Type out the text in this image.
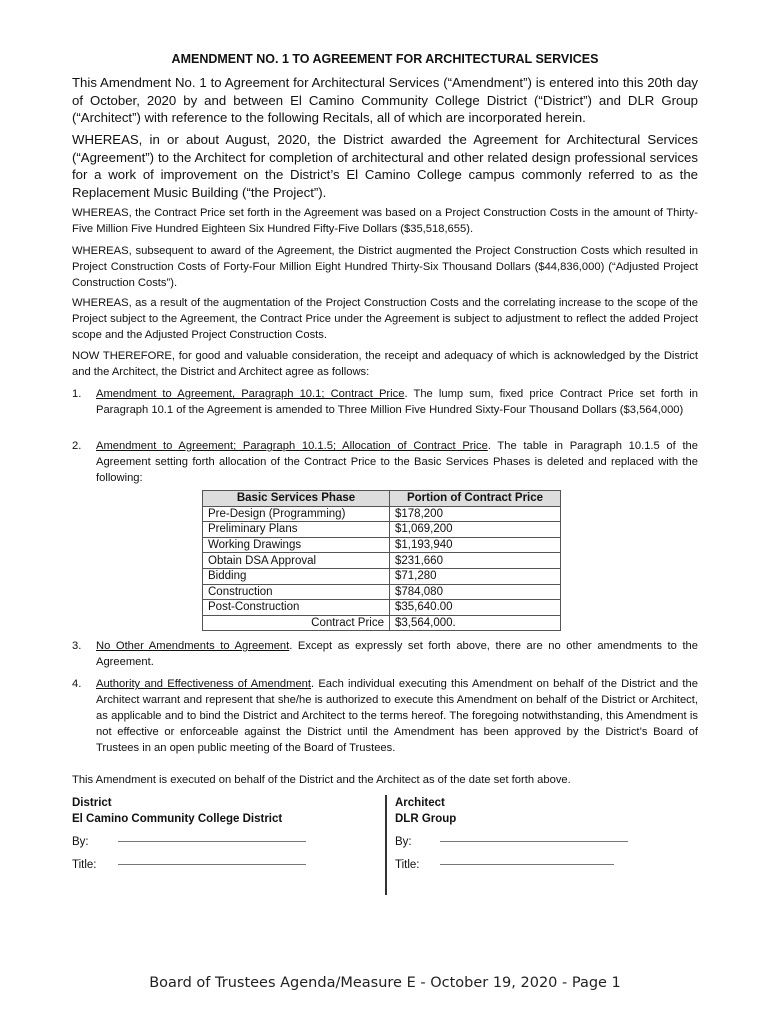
AMENDMENT NO. 1 TO AGREEMENT FOR ARCHITECTURAL SERVICES
This Amendment No. 1 to Agreement for Architectural Services (“Amendment”) is entered into this 20th day of October, 2020 by and between El Camino Community College District (“District”) and DLR Group (“Architect”) with reference to the following Recitals, all of which are incorporated herein.
WHEREAS, in or about August, 2020, the District awarded the Agreement for Architectural Services (“Agreement”) to the Architect for completion of architectural and other related design professional services for a work of improvement on the District’s El Camino College campus commonly referred to as the Replacement Music Building (“the Project”).
WHEREAS, the Contract Price set forth in the Agreement was based on a Project Construction Costs in the amount of Thirty-Five Million Five Hundred Eighteen Six Hundred Fifty-Five Dollars ($35,518,655).
WHEREAS, subsequent to award of the Agreement, the District augmented the Project Construction Costs which resulted in Project Construction Costs of Forty-Four Million Eight Hundred Thirty-Six Thousand Dollars ($44,836,000) (“Adjusted Project Construction Costs”).
WHEREAS, as a result of the augmentation of the Project Construction Costs and the correlating increase to the scope of the Project subject to the Agreement, the Contract Price under the Agreement is subject to adjustment to reflect the added Project scope and the Adjusted Project Construction Costs.
NOW THEREFORE, for good and valuable consideration, the receipt and adequacy of which is acknowledged by the District and the Architect, the District and Architect agree as follows:
1. Amendment to Agreement, Paragraph 10.1; Contract Price. The lump sum, fixed price Contract Price set forth in Paragraph 10.1 of the Agreement is amended to Three Million Five Hundred Sixty-Four Thousand Dollars ($3,564,000)
2. Amendment to Agreement; Paragraph 10.1.5; Allocation of Contract Price. The table in Paragraph 10.1.5 of the Agreement setting forth allocation of the Contract Price to the Basic Services Phases is deleted and replaced with the following:
Basic Services Phase	Portion of Contract Price
Pre-Design (Programming)	$178,200
Preliminary Plans	$1,069,200
Working Drawings	$1,193,940
Obtain DSA Approval	$231,660
Bidding	$71,280
Construction	$784,080
Post-Construction	$35,640.00
Contract Price	$3,564,000.
3. No Other Amendments to Agreement. Except as expressly set forth above, there are no other amendments to the Agreement.
4. Authority and Effectiveness of Amendment. Each individual executing this Amendment on behalf of the District and the Architect warrant and represent that she/he is authorized to execute this Amendment on behalf of the District or Architect, as applicable and to bind the District and Architect to the terms hereof. The foregoing notwithstanding, this Amendment is not effective or enforceable against the District until the Amendment has been approved by the District’s Board of Trustees in an open public meeting of the Board of Trustees.
This Amendment is executed on behalf of the District and the Architect as of the date set forth above.
District
El Camino Community College District
By:
Title:
Architect
DLR Group
By:
Title:
Board of Trustees Agenda/Measure E - October 19, 2020 - Page 1
